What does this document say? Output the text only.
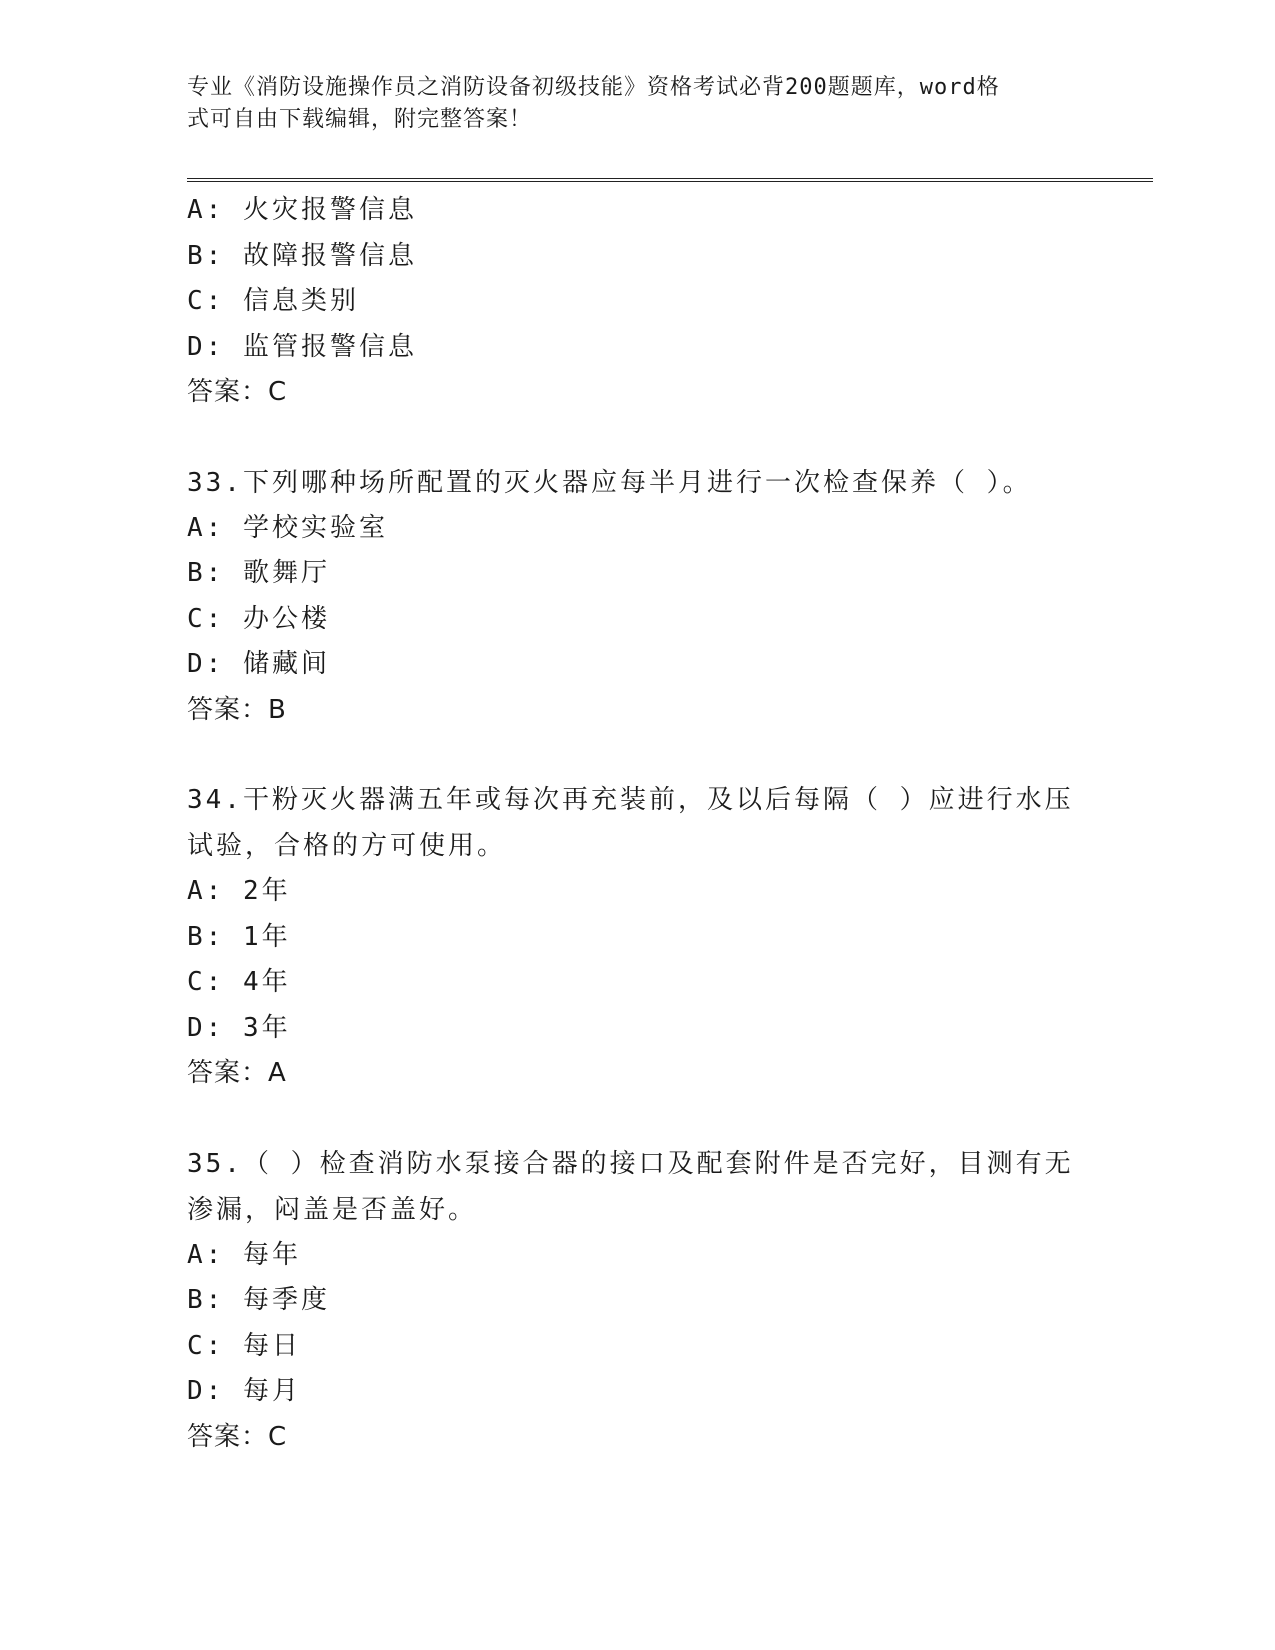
专业《消防设施操作员之消防设备初级技能》资格考试必背200题题库，word格
式可自由下载编辑，附完整答案！
A: 火灾报警信息
B: 故障报警信息
C: 信息类别
D: 监管报警信息
答案：C
33.下列哪种场所配置的灭火器应每半月进行一次检查保养（ ）。
A: 学校实验室
B: 歌舞厅
C: 办公楼
D: 储藏间
答案：B
34.干粉灭火器满五年或每次再充装前，及以后每隔（ ）应进行水压
试验，合格的方可使用。
A: 2年
B: 1年
C: 4年
D: 3年
答案：A
35.（ ）检查消防水泵接合器的接口及配套附件是否完好，目测有无
渗漏，闷盖是否盖好。
A: 每年
B: 每季度
C: 每日
D: 每月
答案：C
